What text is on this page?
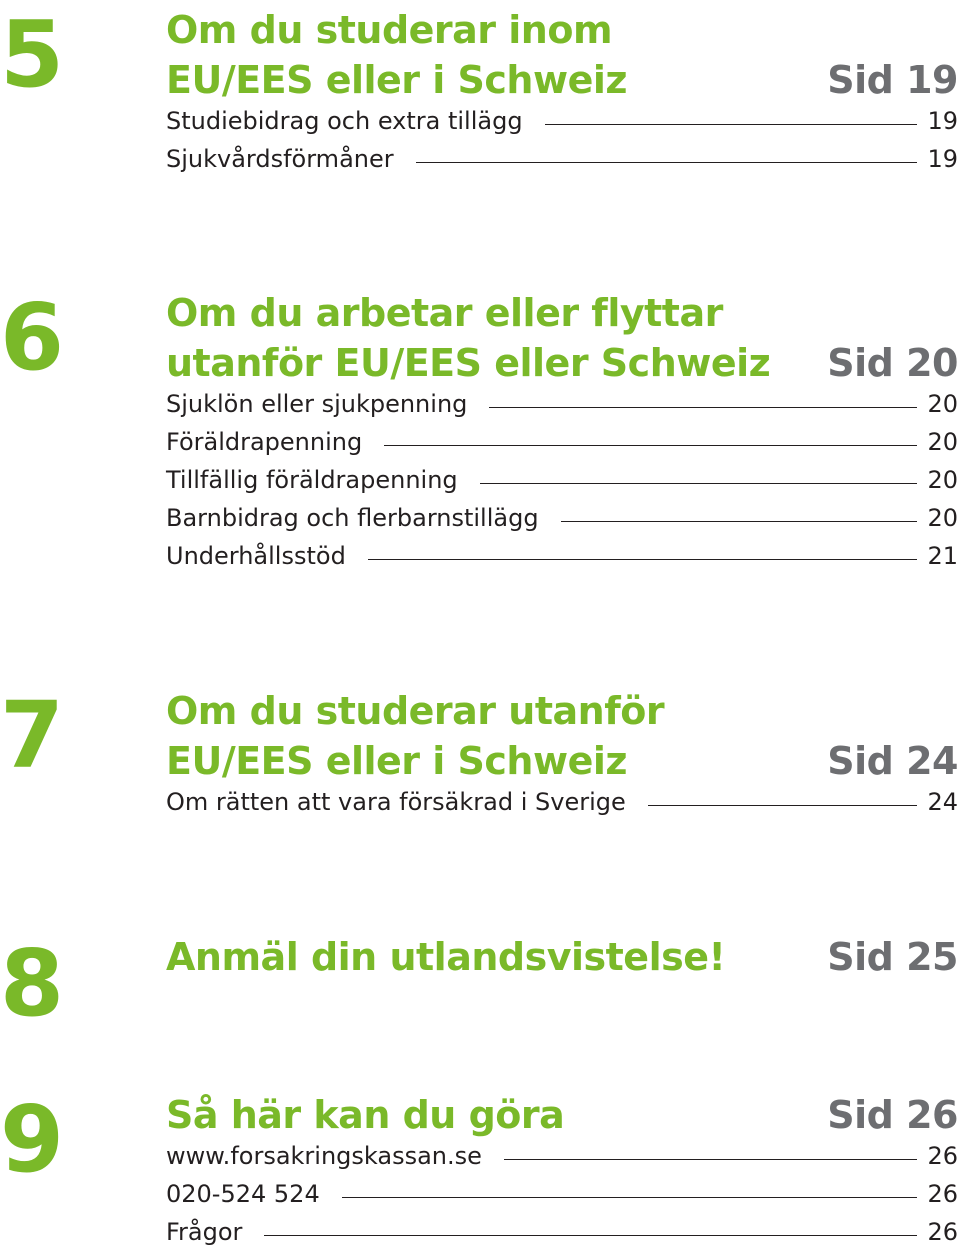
5	Om du studerar inom
EU/EES eller i Schweiz	Sid 19
Studiebidrag och extra tillägg	19
Sjukvårdsförmåner	19
6	Om du arbetar eller flyttar
utanför EU/EES eller Schweiz Sid 20
Sjuklön eller sjukpenning	20
Föräldrapenning	20
Tillfällig föräldrapenning	20
Barnbidrag och flerbarnstillägg	20
Underhållsstöd	21
7	Om du studerar utanför
EU/EES eller i Schweiz	Sid 24
Om rätten att vara försäkrad i Sverige	24
8	Anmäl din utlandsvistelse!	Sid 25
9	Så här kan du göra	Sid 26
www.forsakringskassan.se	26
020-524 524	26
Frågor	26
